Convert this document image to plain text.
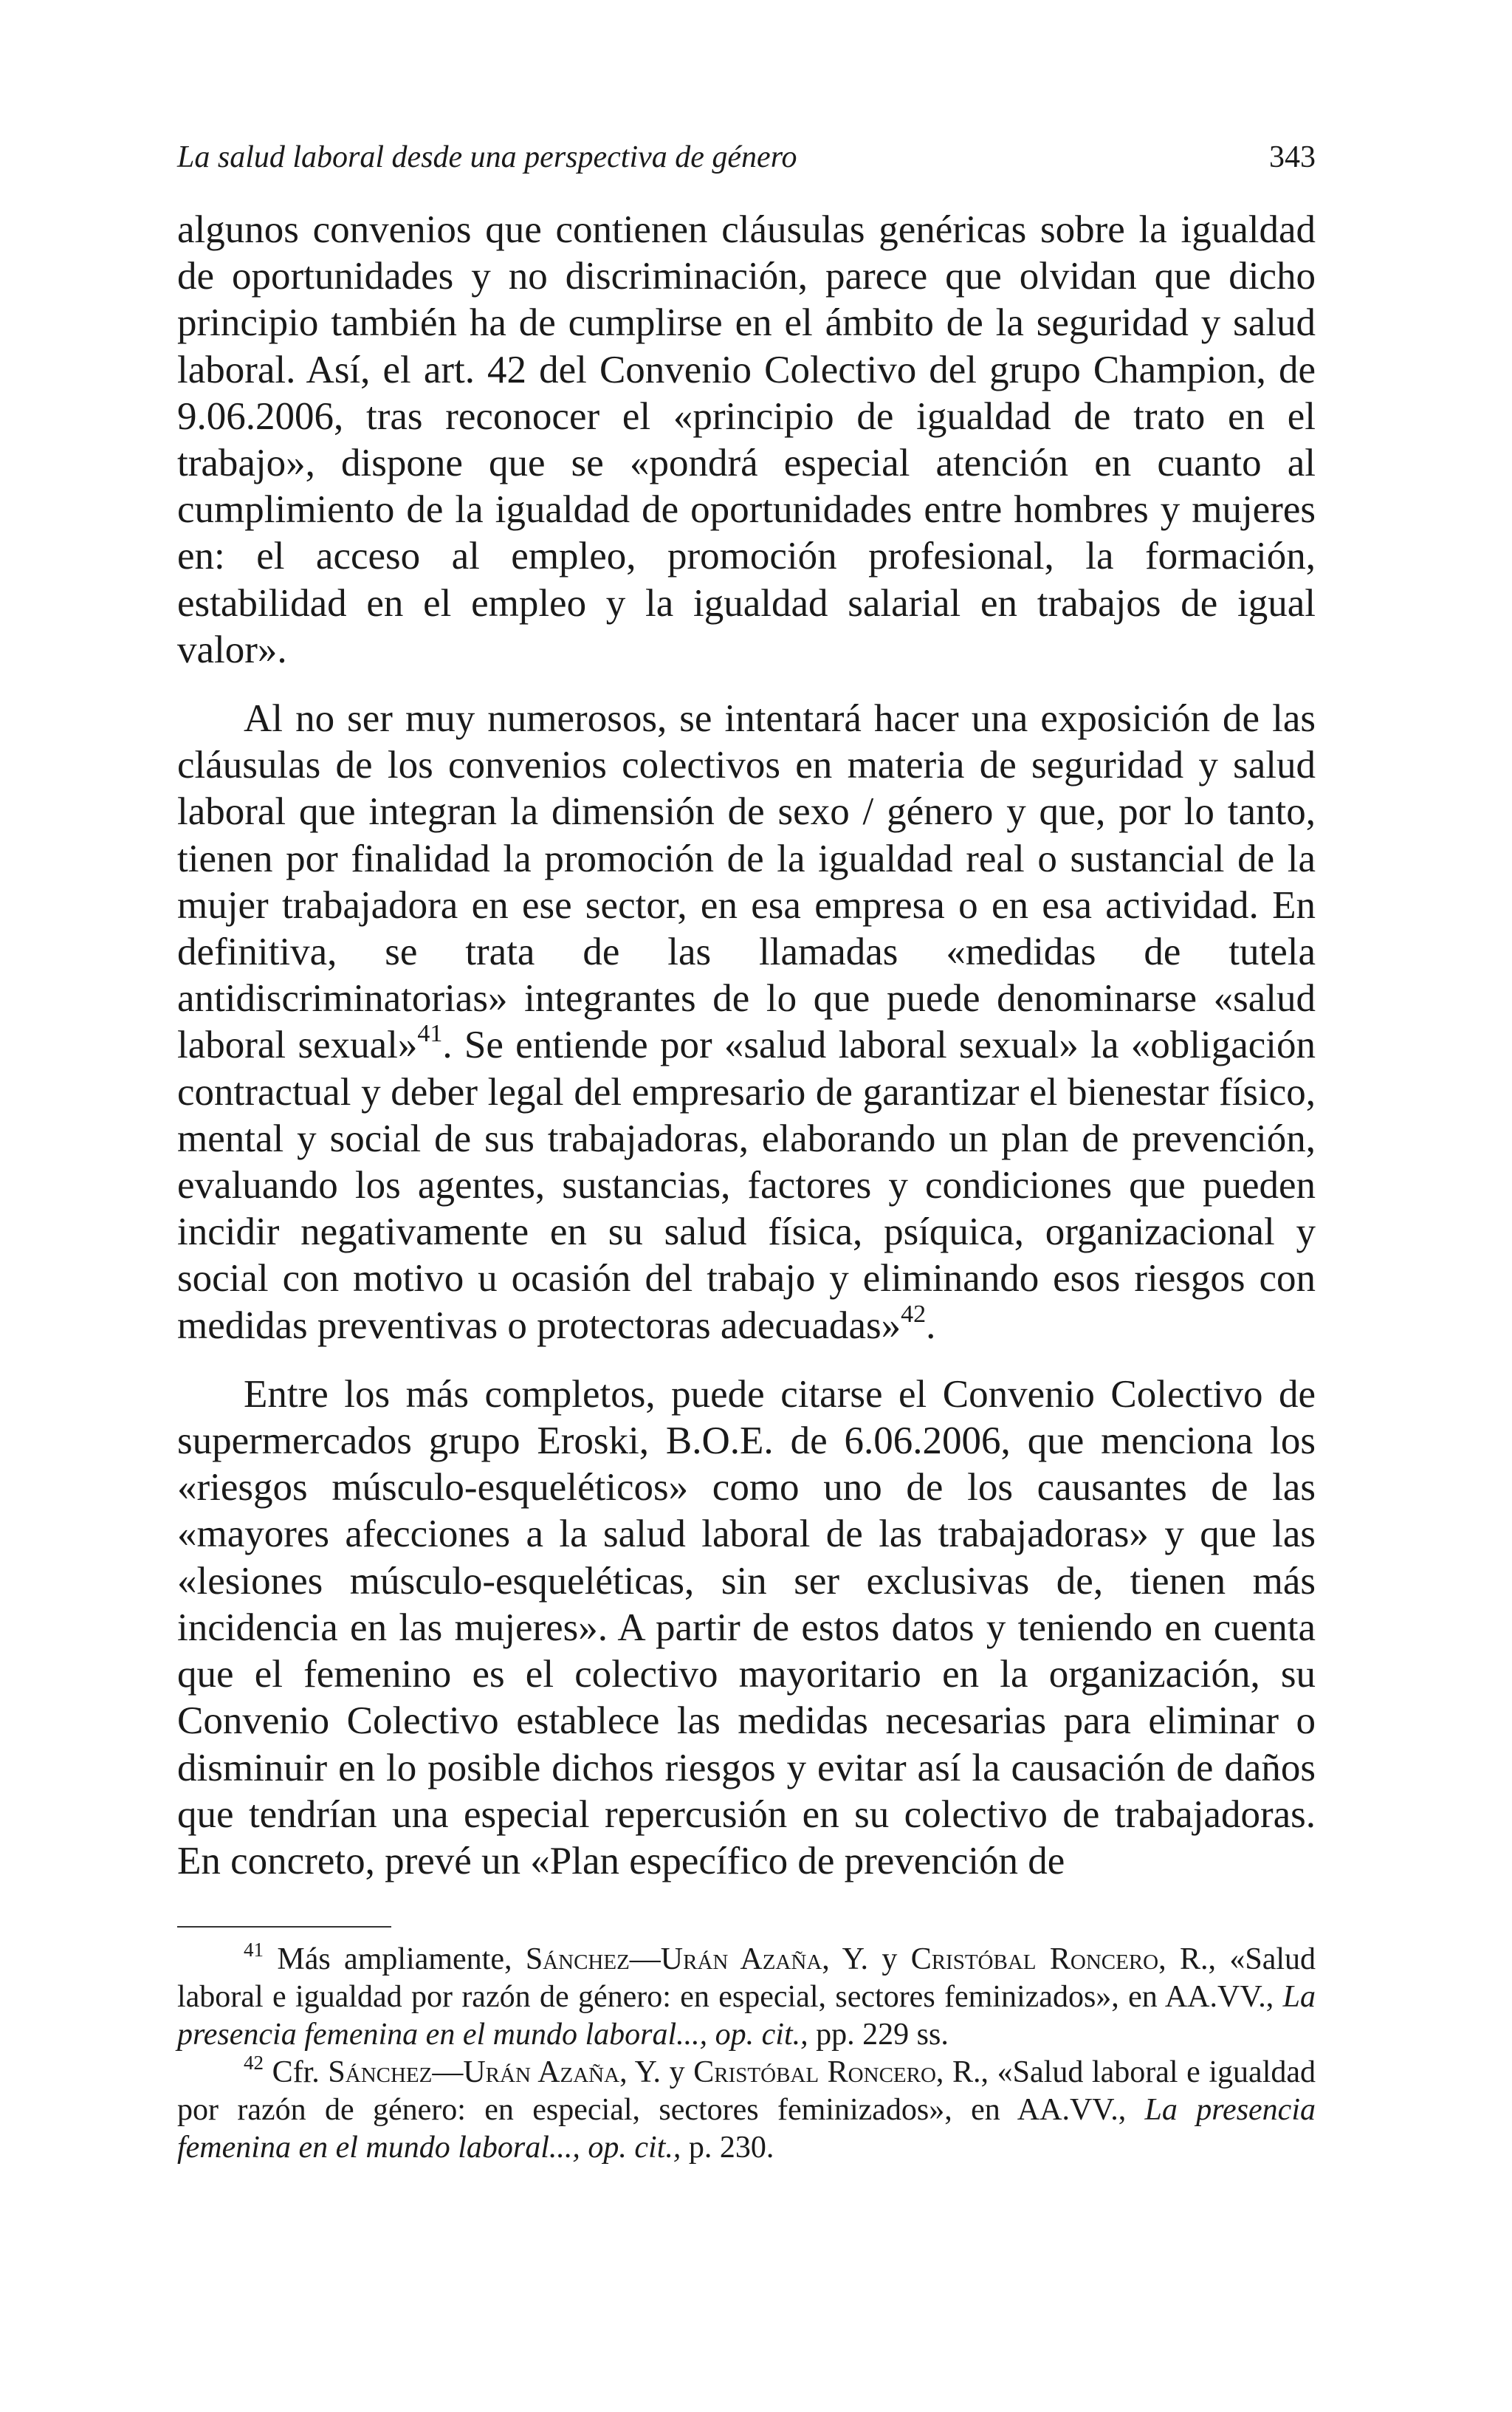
La salud laboral desde una perspectiva de género	343

algunos convenios que contienen cláusulas genéricas sobre la igualdad de oportunidades y no discriminación, parece que olvidan que dicho principio también ha de cumplirse en el ámbito de la seguridad y salud laboral. Así, el art. 42 del Convenio Colectivo del grupo Champion, de 9.06.2006, tras reconocer el «principio de igualdad de trato en el trabajo», dispone que se «pondrá especial atención en cuanto al cumplimiento de la igualdad de oportunidades entre hombres y mujeres en: el acceso al empleo, promoción profesional, la formación, estabilidad en el empleo y la igualdad salarial en trabajos de igual valor».

Al no ser muy numerosos, se intentará hacer una exposición de las cláusulas de los convenios colectivos en materia de seguridad y salud laboral que integran la dimensión de sexo / género y que, por lo tanto, tienen por finalidad la promoción de la igualdad real o sustancial de la mujer trabajadora en ese sector, en esa empresa o en esa actividad. En definitiva, se trata de las llamadas «medidas de tutela antidiscriminatorias» integrantes de lo que puede denominarse «salud laboral sexual»$^{41}$. Se entiende por «salud laboral sexual» la «obligación contractual y deber legal del empresario de garantizar el bienestar físico, mental y social de sus trabajadoras, elaborando un plan de prevención, evaluando los agentes, sustancias, factores y condiciones que pueden incidir negativamente en su salud física, psíquica, organizacional y social con motivo u ocasión del trabajo y eliminando esos riesgos con medidas preventivas o protectoras adecuadas»$^{42}$.

Entre los más completos, puede citarse el Convenio Colectivo de supermercados grupo Eroski, B.O.E. de 6.06.2006, que menciona los «riesgos músculo-esqueléticos» como uno de los causantes de las «mayores afecciones a la salud laboral de las trabajadoras» y que las «lesiones músculo-esqueléticas, sin ser exclusivas de, tienen más incidencia en las mujeres». A partir de estos datos y teniendo en cuenta que el femenino es el colectivo mayoritario en la organización, su Convenio Colectivo establece las medidas necesarias para eliminar o disminuir en lo posible dichos riesgos y evitar así la causación de daños que tendrían una especial repercusión en su colectivo de trabajadoras. En concreto, prevé un «Plan específico de prevención de

$^{41}$ Más ampliamente, Sánchez—Urán Azaña, Y. y Cristóbal Roncero, R., «Salud laboral e igualdad por razón de género: en especial, sectores feminizados», en AA.VV., La presencia femenina en el mundo laboral..., op. cit., pp. 229 ss.

$^{42}$ Cfr. Sánchez—Urán Azaña, Y. y Cristóbal Roncero, R., «Salud laboral e igualdad por razón de género: en especial, sectores feminizados», en AA.VV., La presencia femenina en el mundo laboral..., op. cit., p. 230.
